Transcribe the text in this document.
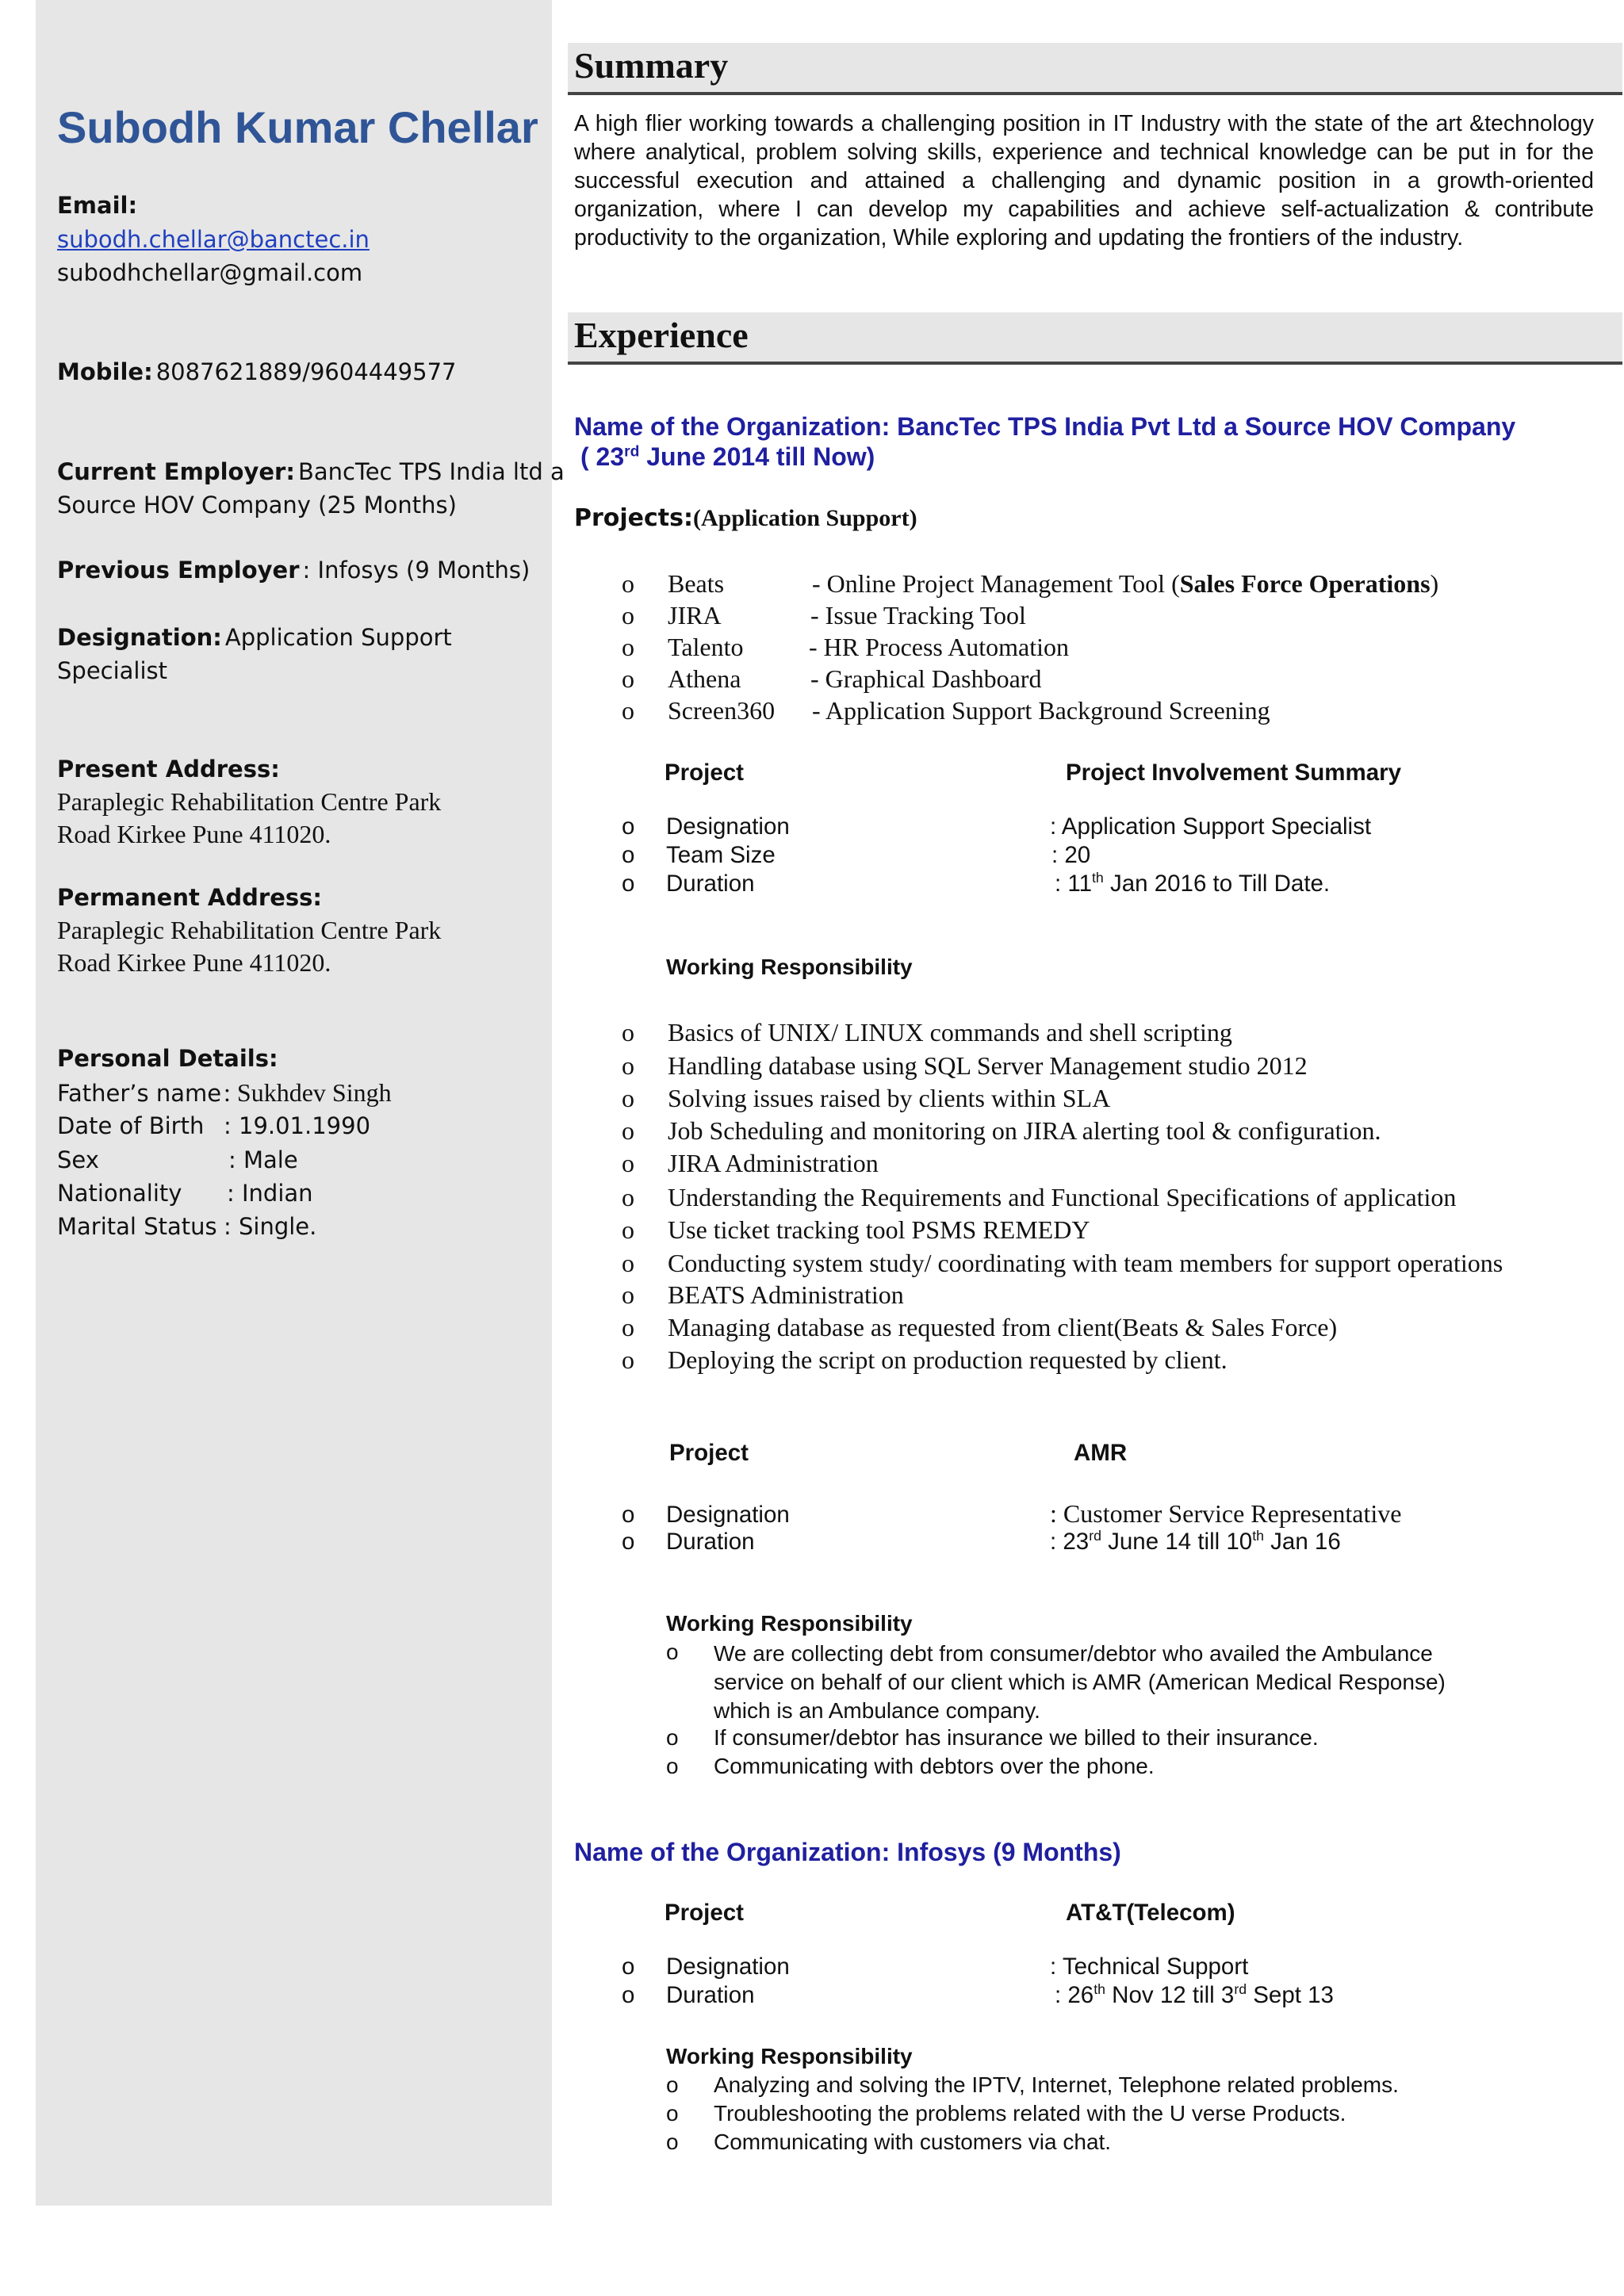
Subodh Kumar Chellar
Email:
subodh.chellar@banctec.in
subodhchellar@gmail.com
Mobile: 8087621889/9604449577
Current Employer: BancTec TPS India ltd a
Source HOV Company (25 Months)
Previous Employer : Infosys (9 Months)
Designation: Application Support
Specialist
Present Address:
Paraplegic Rehabilitation Centre Park
Road Kirkee Pune 411020.
Permanent Address:
Paraplegic Rehabilitation Centre Park
Road Kirkee Pune 411020.
Personal Details:
Father’s name: Sukhdev Singh
Date of Birth : 19.01.1990
Sex	: Male
Nationality : Indian
Marital Status : Single.
Summary
A high flier working towards a challenging position in IT Industry with the state of the art &technology where analytical, problem solving skills, experience and technical knowledge can be put in for the successful execution and attained a challenging and dynamic position in a growth-oriented organization, where I can develop my capabilities and achieve self-actualization & contribute productivity to the organization, While exploring and updating the frontiers of the industry.
Experience
Name of the Organization: BancTec TPS India Pvt Ltd a Source HOV Company
( 23rd June 2014 till Now)
Projects:(Application Support)
o Beats	- Online Project Management Tool (Sales Force Operations)
o JIRA	- Issue Tracking Tool
o Talento	- HR Process Automation
o Athena	- Graphical Dashboard
o Screen360 - Application Support Background Screening
Project	Project Involvement Summary
o Designation	: Application Support Specialist
o Team Size	: 20
o Duration	: 11th Jan 2016 to Till Date.
Working Responsibility
o Basics of UNIX/ LINUX commands and shell scripting
o Handling database using SQL Server Management studio 2012
o Solving issues raised by clients within SLA
o Job Scheduling and monitoring on JIRA alerting tool & configuration.
o JIRA Administration
o Understanding the Requirements and Functional Specifications of application
o Use ticket tracking tool PSMS REMEDY
o Conducting system study/ coordinating with team members for support operations
o BEATS Administration
o Managing database as requested from client(Beats & Sales Force)
o Deploying the script on production requested by client.
Project	AMR
o Designation	: Customer Service Representative
o Duration	: 23rd June 14 till 10th Jan 16
Working Responsibility
o We are collecting debt from consumer/debtor who availed the Ambulance
service on behalf of our client which is AMR (American Medical Response)
which is an Ambulance company.
o If consumer/debtor has insurance we billed to their insurance.
o Communicating with debtors over the phone.
Name of the Organization: Infosys (9 Months)
Project	AT&T(Telecom)
o Designation	: Technical Support
o Duration	: 26th Nov 12 till 3rd Sept 13
Working Responsibility
o Analyzing and solving the IPTV, Internet, Telephone related problems.
o Troubleshooting the problems related with the U verse Products.
o Communicating with customers via chat.
